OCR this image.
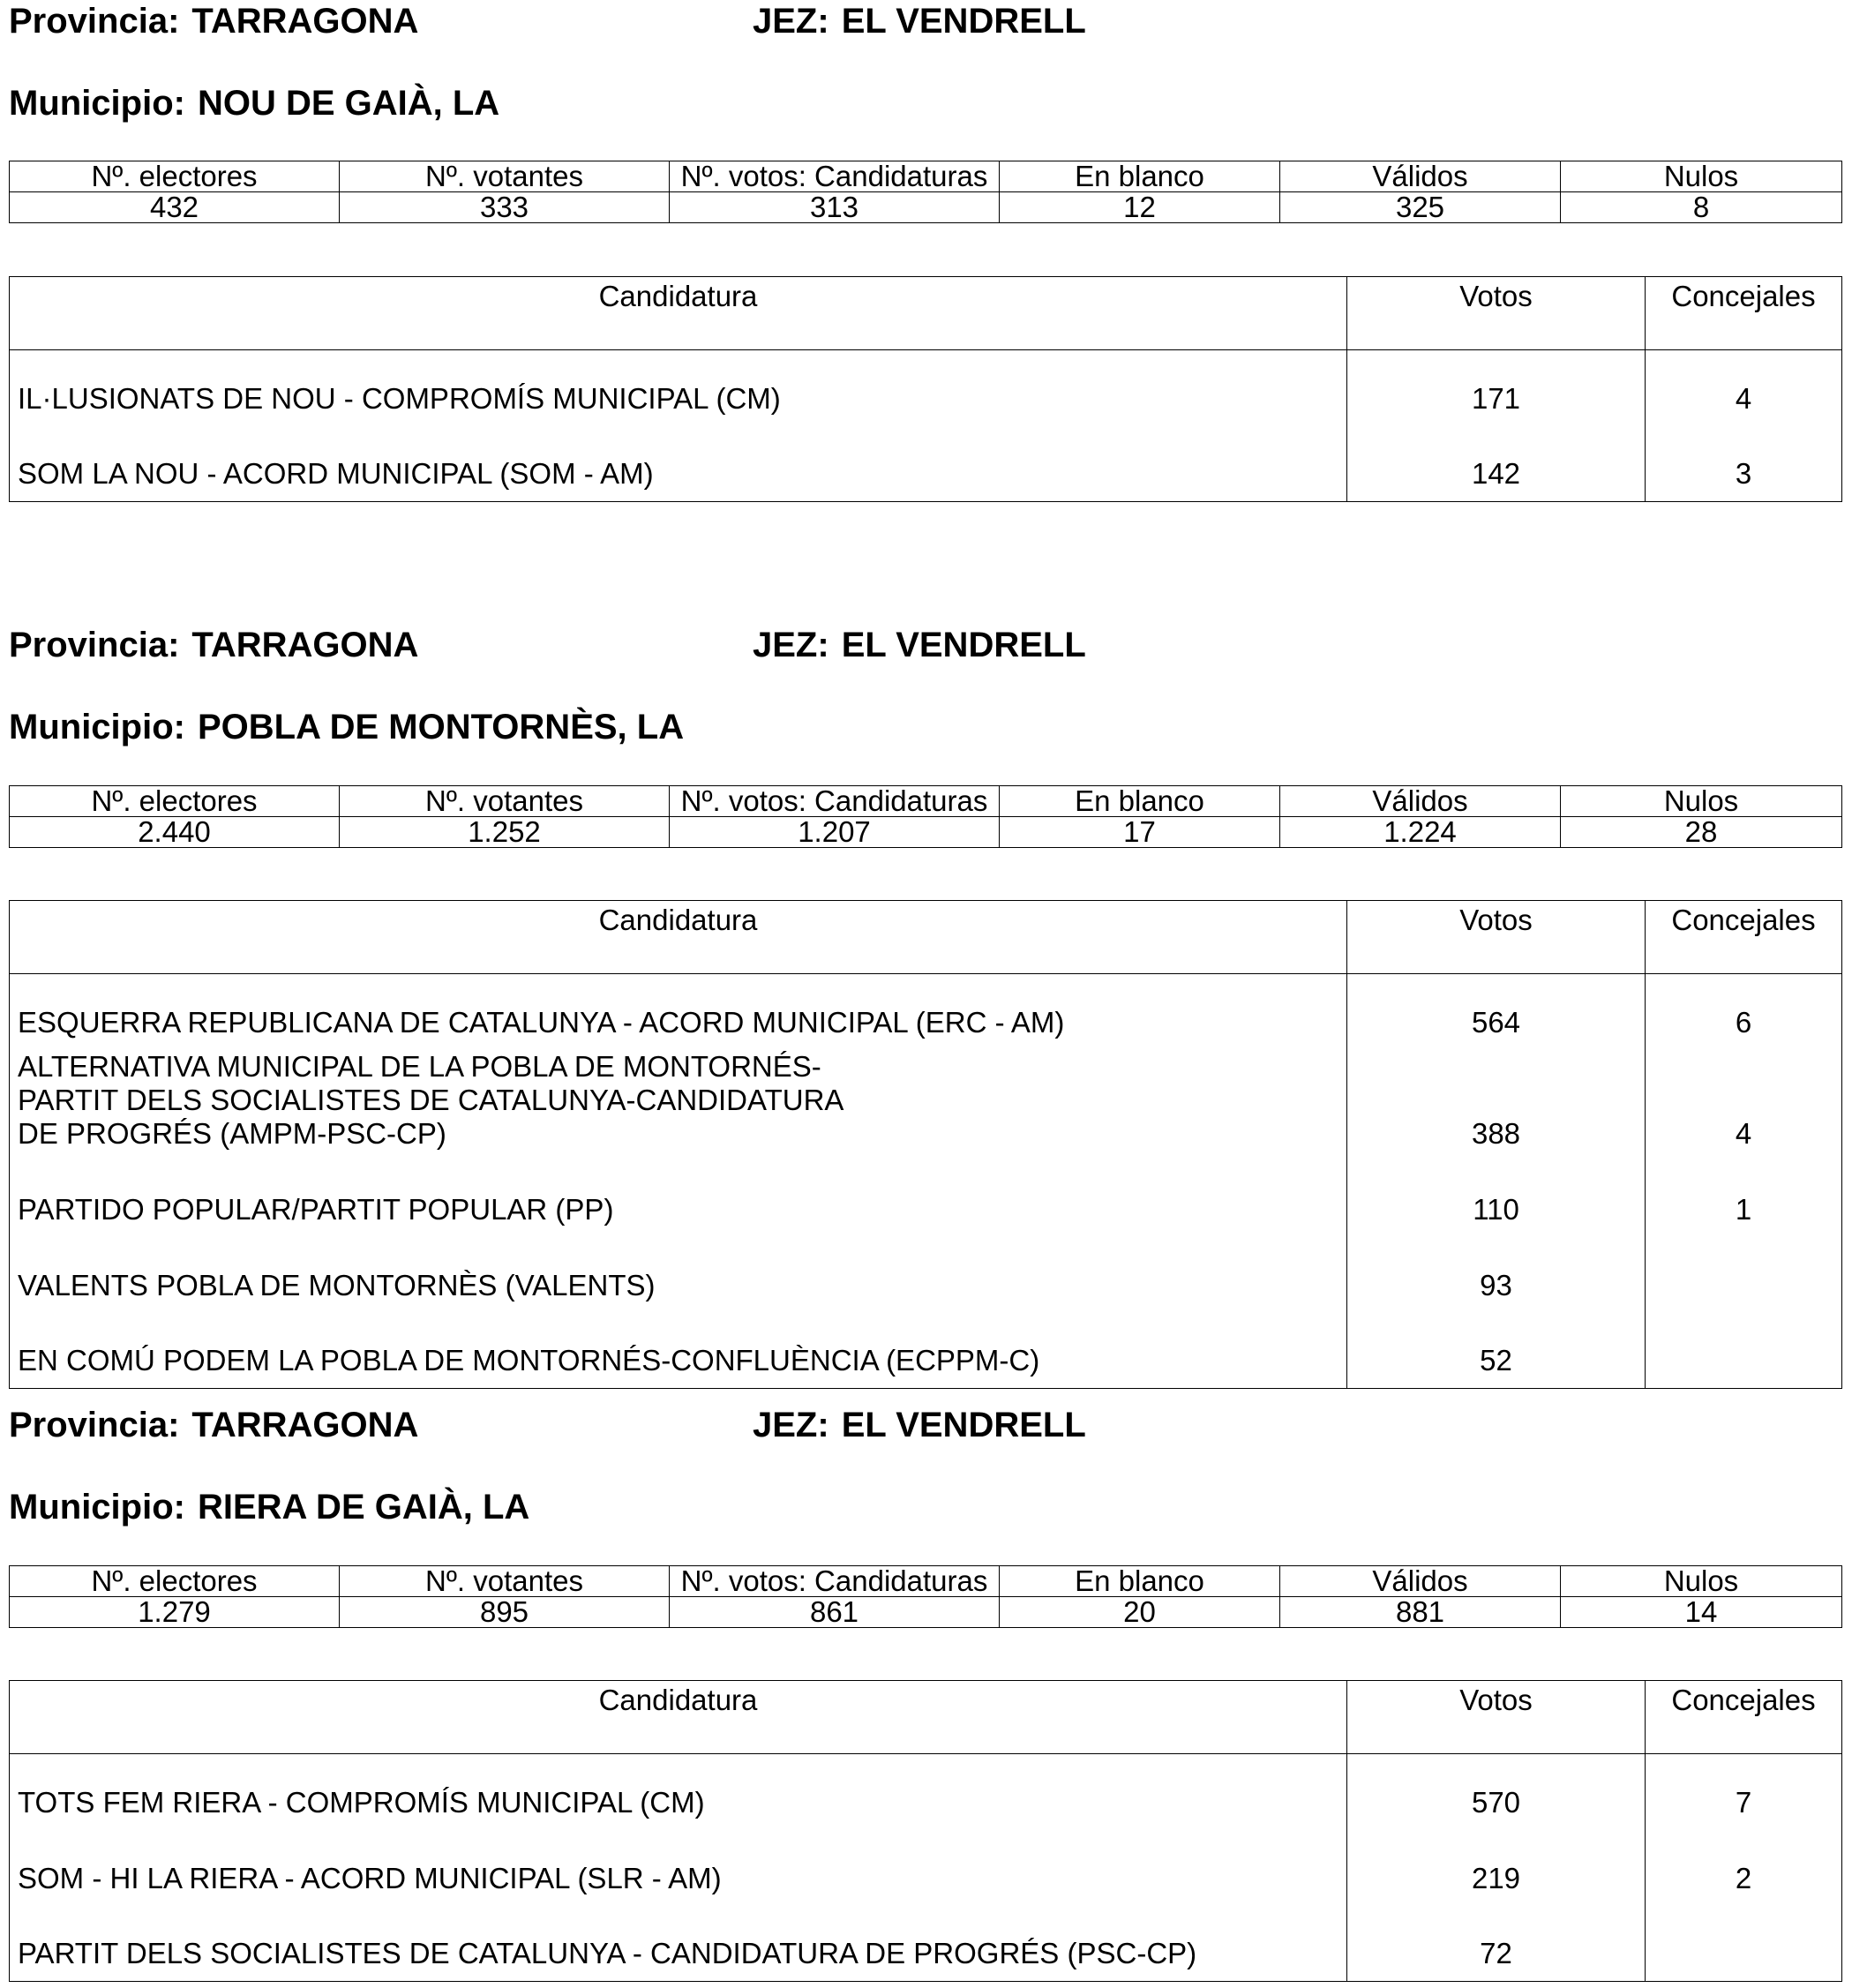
Provincia: TARRAGONA	JEZ: EL VENDRELL
Municipio: NOU DE GAIÀ, LA
Nº. electores	Nº. votantes	Nº. votos: Candidaturas	En blanco	Válidos	Nulos
432	333	313	12	325	8
Candidatura	Votos	Concejales
IL·LUSIONATS DE NOU - COMPROMÍS MUNICIPAL (CM)	171	4
SOM LA NOU - ACORD MUNICIPAL (SOM - AM)	142	3
Provincia: TARRAGONA	JEZ: EL VENDRELL
Municipio: POBLA DE MONTORNÈS, LA
Nº. electores	Nº. votantes	Nº. votos: Candidaturas	En blanco	Válidos	Nulos
2.440	1.252	1.207	17	1.224	28
Candidatura	Votos	Concejales
ESQUERRA REPUBLICANA DE CATALUNYA - ACORD MUNICIPAL (ERC - AM)	564	6
ALTERNATIVA MUNICIPAL DE LA POBLA DE MONTORNÉS-PARTIT DELS SOCIALISTES DE CATALUNYA-CANDIDATURA DE PROGRÉS (AMPM-PSC-CP)	388	4
PARTIDO POPULAR/PARTIT POPULAR (PP)	110	1
VALENTS POBLA DE MONTORNÈS (VALENTS)	93	
EN COMÚ PODEM LA POBLA DE MONTORNÉS-CONFLUÈNCIA (ECPPM-C)	52	
Provincia: TARRAGONA	JEZ: EL VENDRELL
Municipio: RIERA DE GAIÀ, LA
Nº. electores	Nº. votantes	Nº. votos: Candidaturas	En blanco	Válidos	Nulos
1.279	895	861	20	881	14
Candidatura	Votos	Concejales
TOTS FEM RIERA - COMPROMÍS MUNICIPAL (CM)	570	7
SOM - HI LA RIERA - ACORD MUNICIPAL (SLR - AM)	219	2
PARTIT DELS SOCIALISTES DE CATALUNYA - CANDIDATURA DE PROGRÉS (PSC-CP)	72	
